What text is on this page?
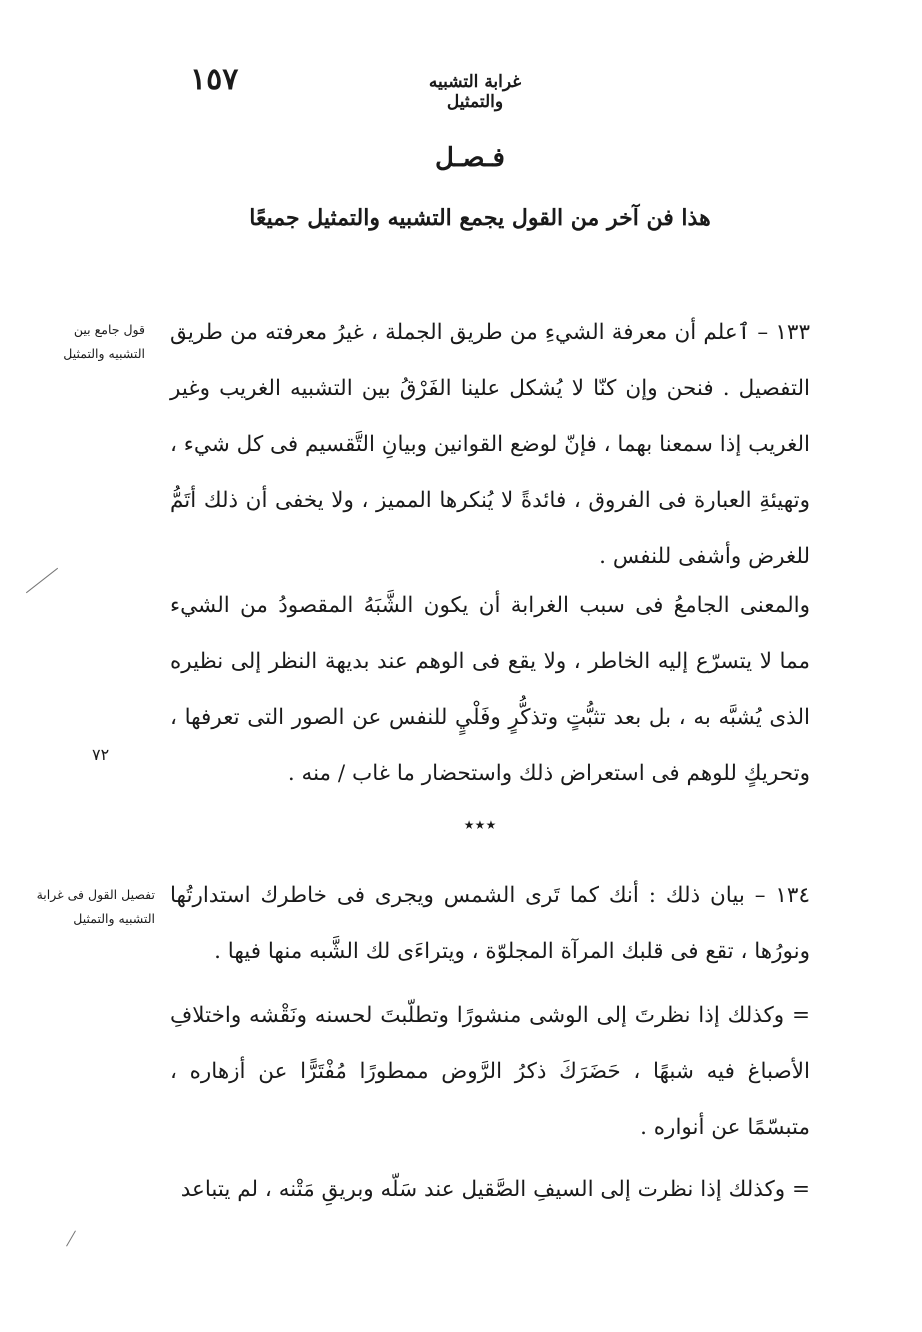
١٥٧	غرابة التشبيه والتمثيل
فـصـل
هذا فن آخر من القول يجمع التشبيه والتمثيل جميعًا
قول جامع بين التشبيه والتمثيل
١٣٣ – ٱعلم أن معرفة الشيءِ من طريق الجملة ، غيرُ معرفته من طريق التفصيل . فنحن وإن كنّا لا يُشكل علينا الفَرْقُ بين التشبيه الغريب وغير الغريب إذا سمعنا بهما ، فإنّ لوضع القوانين وبيانِ التَّقسيم فى كل شيء ، وتهيئةِ العبارة فى الفروق ، فائدةً لا يُنكرها المميز ، ولا يخفى أن ذلك أتَمُّ للغرض وأشفى للنفس .
والمعنى الجامعُ فى سبب الغرابة أن يكون الشَّبَهُ المقصودُ من الشيء مما لا يتسرّع إليه الخاطر ، ولا يقع فى الوهم عند بديهة النظر إلى نظيره الذى يُشبَّه به ، بل بعد تثبُّتٍ وتذكُّرٍ وفَلْيٍ للنفس عن الصور التى تعرفها ، وتحريكٍ للوهم فى استعراض ذلك واستحضار ما غاب / منه .
٧٢
٭٭٭
تفصيل القول فى غرابة التشبيه والتمثيل
١٣٤ – بيان ذلك : أنك كما تَرى الشمس ويجرى فى خاطرك استدارتُها ونورُها ، تقع فى قلبك المرآة المجلوّة ، ويتراءَى لك الشَّبه منها فيها .
= وكذلك إذا نظرتَ إلى الوشى منشورًا وتطلّبتَ لحسنه ونَقْشه واختلافِ الأصباغ فيه شبهًا ، حَضَرَكَ ذكرُ الرَّوض ممطورًا مُفْتَرًّا عن أزهاره ، متبسّمًا عن أنواره .
= وكذلك إذا نظرت إلى السيفِ الصَّقيل عند سَلّه وبريقِ مَتْنه ، لم يتباعد
